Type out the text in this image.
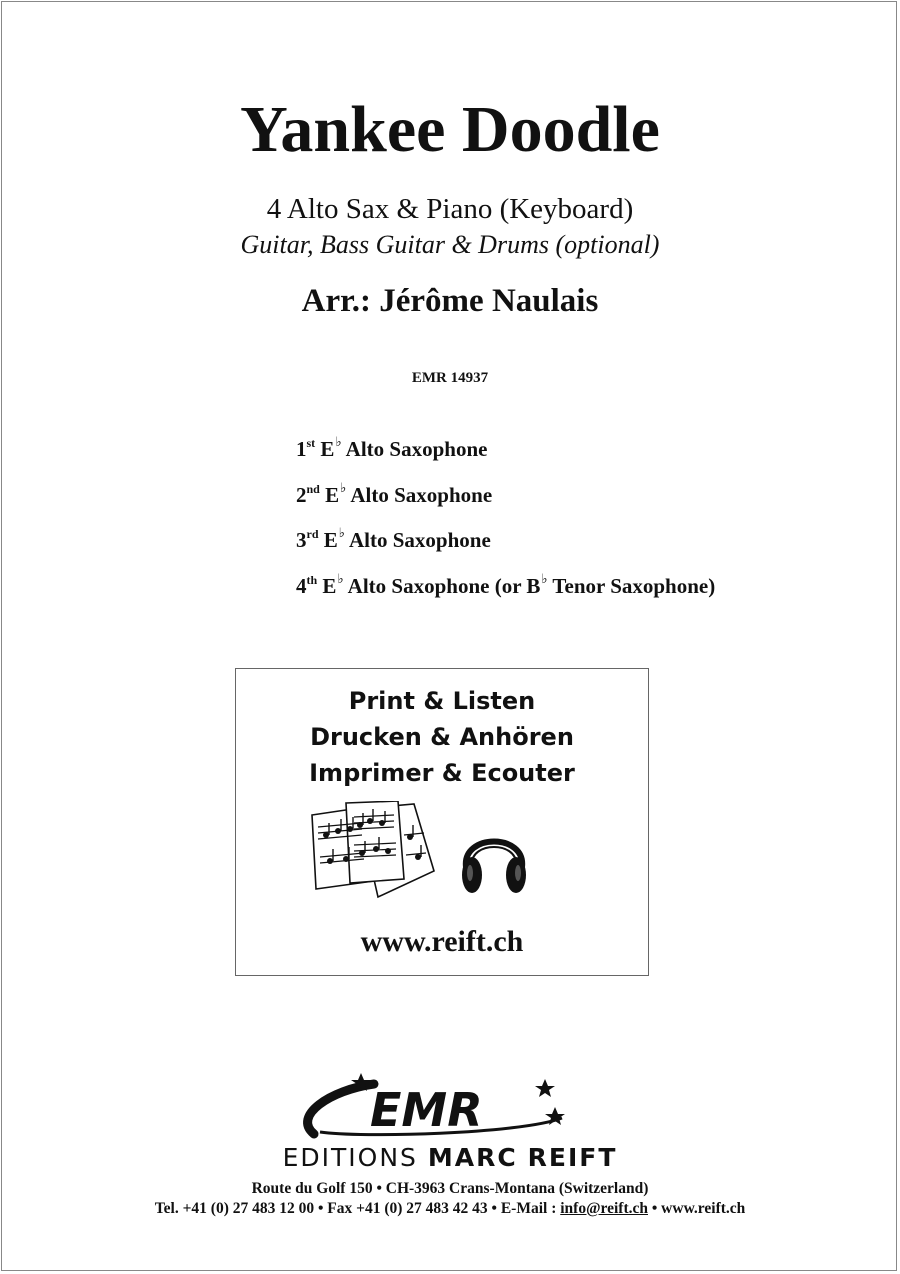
Yankee Doodle
4 Alto Sax & Piano (Keyboard)
Guitar, Bass Guitar & Drums (optional)
Arr.: Jérôme Naulais
EMR 14937
1st E♭ Alto Saxophone
2nd E♭ Alto Saxophone
3rd E♭ Alto Saxophone
4th E♭ Alto Saxophone (or B♭ Tenor Saxophone)
Print & Listen
Drucken & Anhören
Imprimer & Ecouter
www.reift.ch
EMR
EDITIONS MARC REIFT
Route du Golf 150 • CH-3963 Crans-Montana (Switzerland)
Tel. +41 (0) 27 483 12 00 • Fax +41 (0) 27 483 42 43 • E-Mail : info@reift.ch • www.reift.ch
